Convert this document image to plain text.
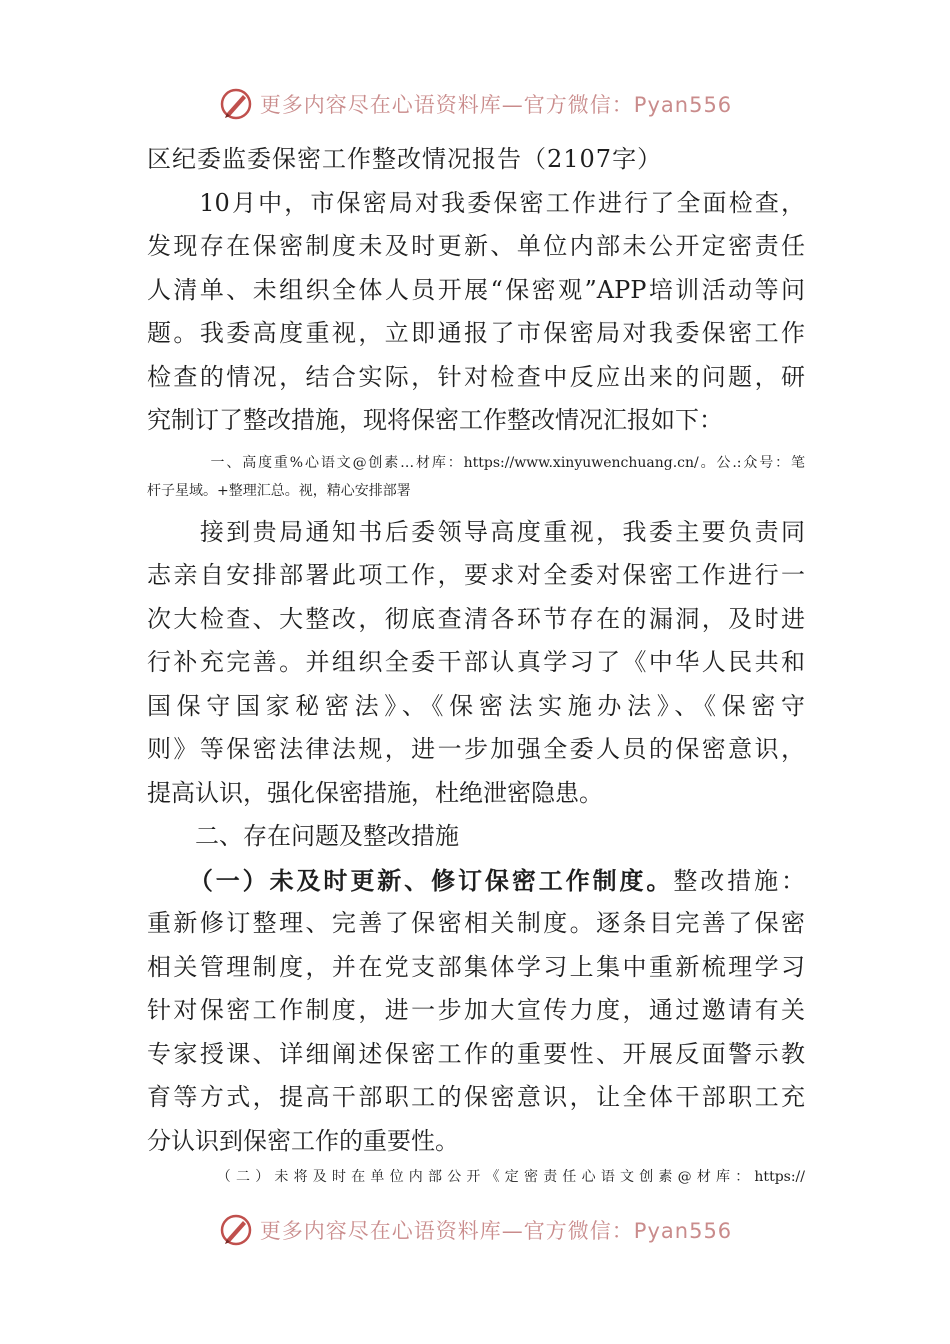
更多内容尽在心语资料库—官方微信：Pyan556
区纪委监委保密工作整改情况报告（2107字）
　　10月中，市保密局对我委保密工作进行了全面检查，
发现存在保密制度未及时更新、单位内部未公开定密责任
人清单、未组织全体人员开展“保密观”APP培训活动等问
题。我委高度重视，立即通报了市保密局对我委保密工作
检查的情况，结合实际，针对检查中反应出来的问题，研
究制订了整改措施，现将保密工作整改情况汇报如下：
　　　　一、高度重%心语文@创素…材库：https://www.xinyuwenchuang.cn/。公.:众号：笔
杆子星域。+整理汇总。视，精心安排部署
　　接到贵局通知书后委领导高度重视，我委主要负责同
志亲自安排部署此项工作，要求对全委对保密工作进行一
次大检查、大整改，彻底查清各环节存在的漏洞，及时进
行补充完善。并组织全委干部认真学习了《中华人民共和
国保守国家秘密法》、《保密法实施办法》、《保密守
则》等保密法律法规，进一步加强全委人员的保密意识，
提高认识，强化保密措施，杜绝泄密隐患。
　　二、存在问题及整改措施
　　（一）未及时更新、修订保密工作制度。整改措施：
重新修订整理、完善了保密相关制度。逐条目完善了保密
相关管理制度，并在党支部集体学习上集中重新梳理学习
针对保密工作制度，进一步加大宣传力度，通过邀请有关
专家授课、详细阐述保密工作的重要性、开展反面警示教
育等方式，提高干部职工的保密意识，让全体干部职工充
分认识到保密工作的重要性。
　　　　（二）未将及时在单位内部公开《定密责任心语文创素@材库：https://
更多内容尽在心语资料库—官方微信：Pyan556
